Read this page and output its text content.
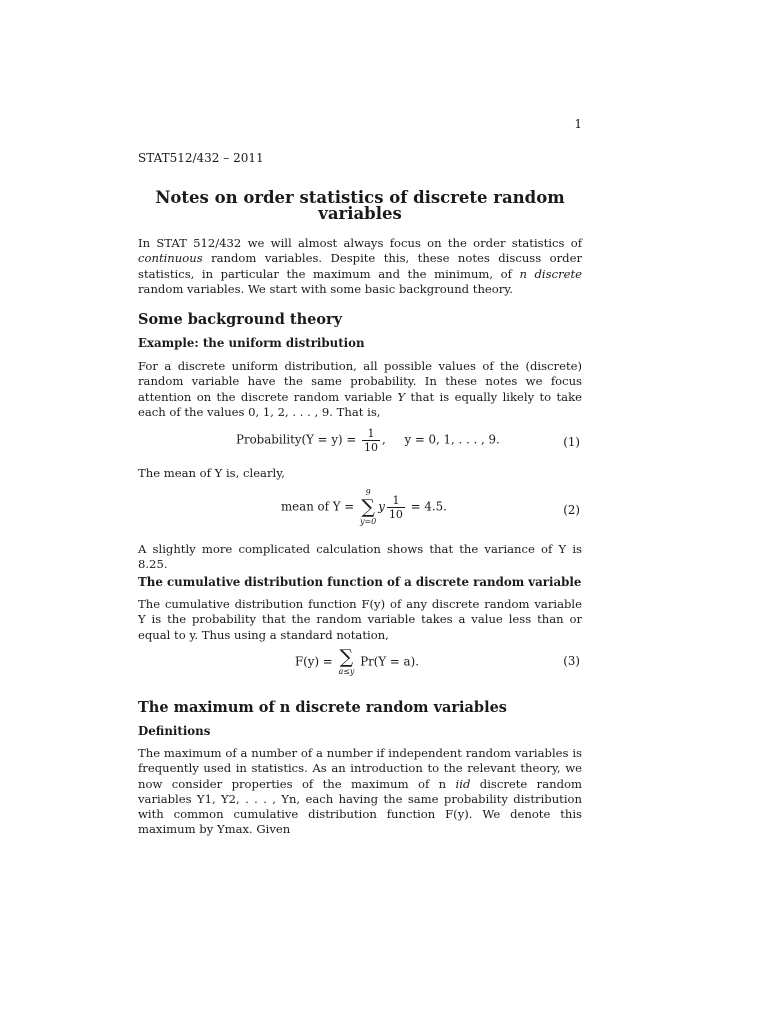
1
STAT512/432 – 2011
Notes on order statistics of discrete random variables
In STAT 512/432 we will almost always focus on the order statistics of continuous random variables. Despite this, these notes discuss order statistics, in particular the maximum and the minimum, of n discrete random variables. We start with some basic background theory.
Some background theory
Example: the uniform distribution
For a discrete uniform distribution, all possible values of the (discrete) random variable have the same probability. In these notes we focus attention on the discrete random variable Y that is equally likely to take each of the values 0, 1, 2, . . . , 9. That is,
Probability(Y = $y) = \frac{1}{10}$ ,     y = 0, 1, . . . , 9.	(1)
The mean of Y is, clearly,
mean of Y =
9
∑
y=0
y $\frac{1}{10} = 4.5$.	(2)
A slightly more complicated calculation shows that the variance of Y is 8.25.
The cumulative distribution function of a discrete random variable
The cumulative distribution function F(y) of any discrete random variable Y is the probability that the random variable takes a value less than or equal to y. Thus using a standard notation,
F(y) = ∑
a≤y
Pr(Y = a).	(3)
The maximum of n discrete random variables
Definitions
The maximum of a number of a number if independent random variables is frequently used in statistics. As an introduction to the relevant theory, we now consider properties of the maximum of n iid discrete random variables Y1, Y2, . . . , Yn, each having the same probability distribution with common cumulative distribution function F(y). We denote this maximum by Ymax. Given
